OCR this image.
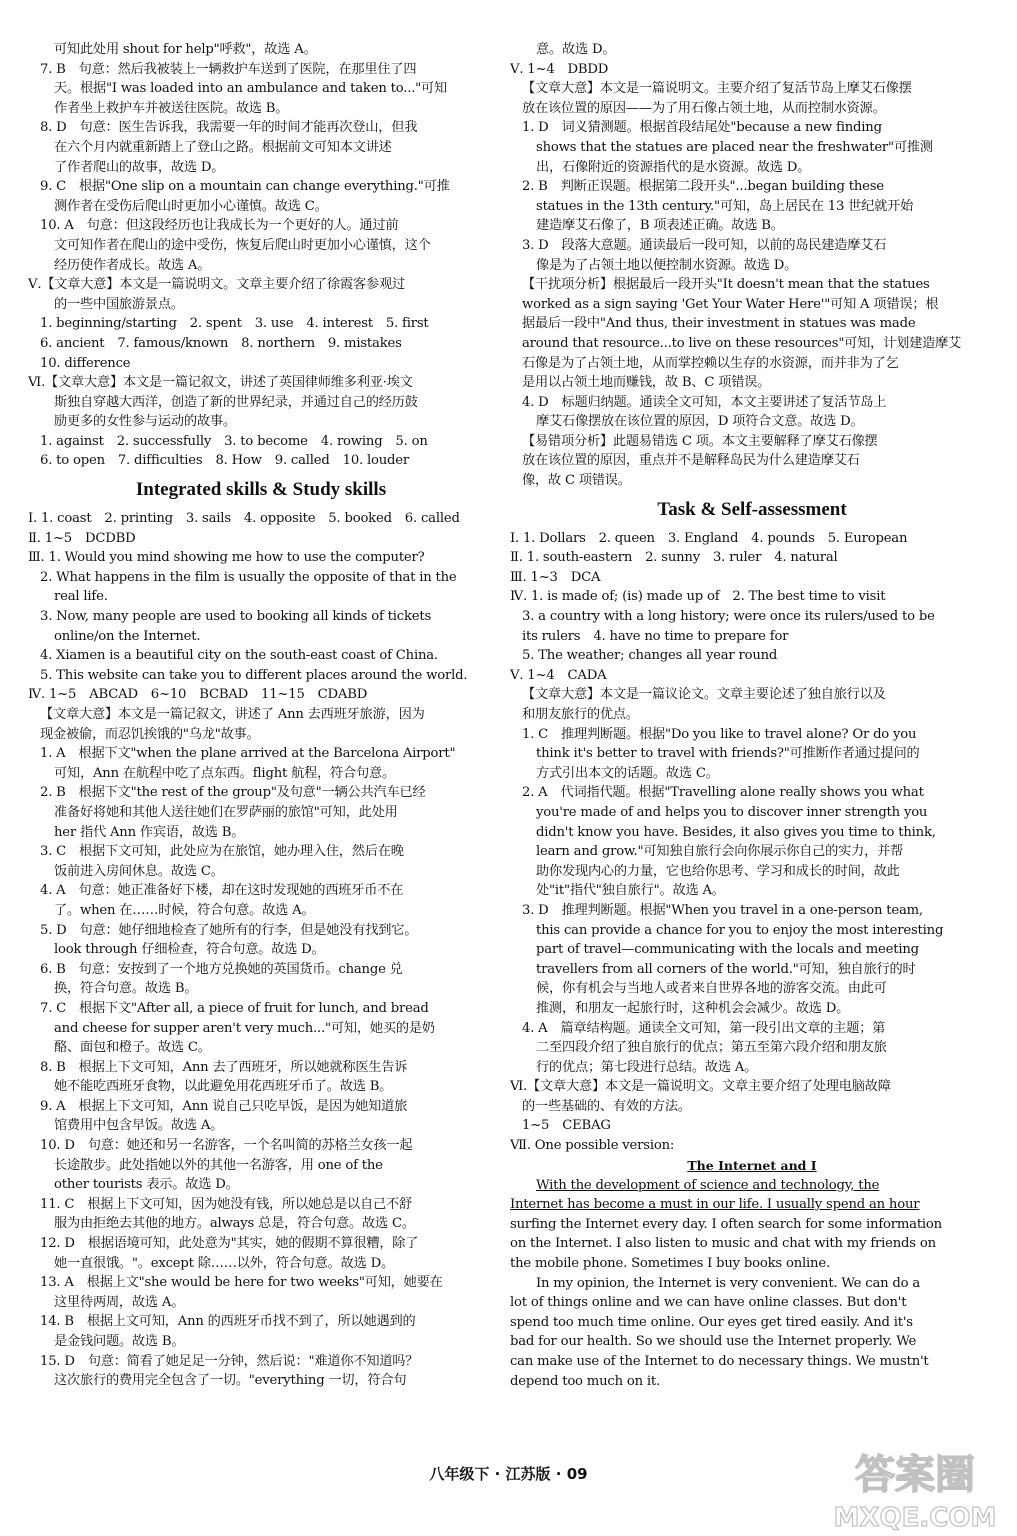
可知此处用 shout for help"呼救"，故选 A。
7. B　句意：然后我被装上一辆救护车送到了医院，在那里住了四
天。根据"I was loaded into an ambulance and taken to..."可知
作者坐上救护车并被送往医院。故选 B。
8. D　句意：医生告诉我，我需要一年的时间才能再次登山，但我
在六个月内就重新踏上了登山之路。根据前文可知本文讲述
了作者爬山的故事，故选 D。
9. C　根据"One slip on a mountain can change everything."可推
测作者在受伤后爬山时更加小心谨慎。故选 C。
10. A　句意：但这段经历也让我成长为一个更好的人。通过前
文可知作者在爬山的途中受伤，恢复后爬山时更加小心谨慎，这个
经历使作者成长。故选 A。
Ⅴ.【文章大意】本文是一篇说明文。文章主要介绍了徐霞客参观过
的一些中国旅游景点。
1. beginning/starting　2. spent　3. use　4. interest　5. first
6. ancient　7. famous/known　8. northern　9. mistakes
10. difference
Ⅵ.【文章大意】本文是一篇记叙文，讲述了英国律师维多利亚·埃文
斯独自穿越大西洋，创造了新的世界纪录，并通过自己的经历鼓
励更多的女性参与运动的故事。
1. against　2. successfully　3. to become　4. rowing　5. on
6. to open　7. difficulties　8. How　9. called　10. louder
Integrated skills & Study skills
Ⅰ. 1. coast　2. printing　3. sails　4. opposite　5. booked　6. called
Ⅱ. 1~5　DCDBD
Ⅲ. 1. Would you mind showing me how to use the computer?
2. What happens in the film is usually the opposite of that in the
real life.
3. Now, many people are used to booking all kinds of tickets
online/on the Internet.
4. Xiamen is a beautiful city on the south-east coast of China.
5. This website can take you to different places around the world.
Ⅳ. 1~5　ABCAD　6~10　BCBAD　11~15　CDABD
【文章大意】本文是一篇记叙文，讲述了 Ann 去西班牙旅游，因为
现金被偷，而忍饥挨饿的"乌龙"故事。
1. A　根据下文"when the plane arrived at the Barcelona Airport"
可知，Ann 在航程中吃了点东西。flight 航程，符合句意。
2. B　根据下文"the rest of the group"及句意"一辆公共汽车已经
准备好将她和其他人送往她们在罗萨丽的旅馆"可知，此处用
her 指代 Ann 作宾语，故选 B。
3. C　根据下文可知，此处应为在旅馆，她办理入住，然后在晚
饭前进入房间休息。故选 C。
4. A　句意：她正准备好下楼，却在这时发现她的西班牙币不在
了。when 在……时候，符合句意。故选 A。
5. D　句意：她仔细地检查了她所有的行李，但是她没有找到它。
look through 仔细检查，符合句意。故选 D。
6. B　句意：安按到了一个地方兑换她的英国货币。change 兑
换，符合句意。故选 B。
7. C　根据下文"After all, a piece of fruit for lunch, and bread
and cheese for supper aren't very much..."可知，她买的是奶
酪、面包和橙子。故选 C。
8. B　根据上下文可知，Ann 去了西班牙，所以她就称医生告诉
她不能吃西班牙食物，以此避免用花西班牙币了。故选 B。
9. A　根据上下文可知，Ann 说自己只吃早饭，是因为她知道旅
馆费用中包含早饭。故选 A。
10. D　句意：她还和另一名游客，一个名叫简的苏格兰女孩一起
长途散步。此处指她以外的其他一名游客，用 one of the
other tourists 表示。故选 D。
11. C　根据上下文可知，因为她没有钱，所以她总是以自己不舒
服为由拒绝去其他的地方。always 总是，符合句意。故选 C。
12. D　根据语境可知，此处意为"其实，她的假期不算很糟，除了
她一直很饿。"。except 除……以外，符合句意。故选 D。
13. A　根据上文"she would be here for two weeks"可知，她要在
这里待两周，故选 A。
14. B　根据上文可知，Ann 的西班牙币找不到了，所以她遇到的
是金钱问题。故选 B。
15. D　句意：简看了她足足一分钟，然后说："难道你不知道吗？
这次旅行的费用完全包含了一切。"everything 一切，符合句
意。故选 D。
Ⅴ. 1~4　DBDD
【文章大意】本文是一篇说明文。主要介绍了复活节岛上摩艾石像摆
放在该位置的原因——为了用石像占领土地，从而控制水资源。
1. D　词义猜测题。根据首段结尾处"because a new finding
shows that the statues are placed near the freshwater"可推测
出，石像附近的资源指代的是水资源。故选 D。
2. B　判断正误题。根据第二段开头"...began building these
statues in the 13th century."可知，岛上居民在 13 世纪就开始
建造摩艾石像了，B 项表述正确。故选 B。
3. D　段落大意题。通读最后一段可知，以前的岛民建造摩艾石
像是为了占领土地以便控制水资源。故选 D。
【干扰项分析】根据最后一段开头"It doesn't mean that the statues
worked as a sign saying 'Get Your Water Here'"可知 A 项错误；根
据最后一段中"And thus, their investment in statues was made
around that resource...to live on these resources"可知，计划建造摩艾
石像是为了占领土地，从而掌控赖以生存的水资源，而并非为了乞
是用以占领土地而赚钱，故 B、C 项错误。
4. D　标题归纳题。通读全文可知，本文主要讲述了复活节岛上
摩艾石像摆放在该位置的原因，D 项符合文意。故选 D。
【易错项分析】此题易错选 C 项。本文主要解释了摩艾石像摆
放在该位置的原因，重点并不是解释岛民为什么建造摩艾石
像，故 C 项错误。
Task & Self-assessment
Ⅰ. 1. Dollars　2. queen　3. England　4. pounds　5. European
Ⅱ. 1. south-eastern　2. sunny　3. ruler　4. natural
Ⅲ. 1~3　DCA
Ⅳ. 1. is made of; (is) made up of　2. The best time to visit
3. a country with a long history; were once its rulers/used to be
its rulers　4. have no time to prepare for
5. The weather; changes all year round
Ⅴ. 1~4　CADA
【文章大意】本文是一篇议论文。文章主要论述了独自旅行以及
和朋友旅行的优点。
1. C　推理判断题。根据"Do you like to travel alone? Or do you
think it's better to travel with friends?"可推断作者通过提问的
方式引出本文的话题。故选 C。
2. A　代词指代题。根据"Travelling alone really shows you what
you're made of and helps you to discover inner strength you
didn't know you have. Besides, it also gives you time to think,
learn and grow."可知独自旅行会向你展示你自己的实力，并帮
助你发现内心的力量，它也给你思考、学习和成长的时间，故此
处"it"指代"独自旅行"。故选 A。
3. D　推理判断题。根据"When you travel in a one-person team,
this can provide a chance for you to enjoy the most interesting
part of travel—communicating with the locals and meeting
travellers from all corners of the world."可知，独自旅行的时
候，你有机会与当地人或者来自世界各地的游客交流。由此可
推测，和朋友一起旅行时，这种机会会减少。故选 D。
4. A　篇章结构题。通读全文可知，第一段引出文章的主题；第
二至四段介绍了独自旅行的优点；第五至第六段介绍和朋友旅
行的优点；第七段进行总结。故选 A。
Ⅵ.【文章大意】本文是一篇说明文。文章主要介绍了处理电脑故障
的一些基础的、有效的方法。
1~5　CEBAG
Ⅶ. One possible version:
The Internet and I
With the development of science and technology, the
Internet has become a must in our life. I usually spend an hour
surfing the Internet every day. I often search for some information
on the Internet. I also listen to music and chat with my friends on
the mobile phone. Sometimes I buy books online.
In my opinion, the Internet is very convenient. We can do a
lot of things online and we can have online classes. But don't
spend too much time online. Our eyes get tired easily. And it's
bad for our health. So we should use the Internet properly. We
can make use of the Internet to do necessary things. We mustn't
depend too much on it.
八年级下 · 江苏版 · 09	答案圈
MXQE.COM
